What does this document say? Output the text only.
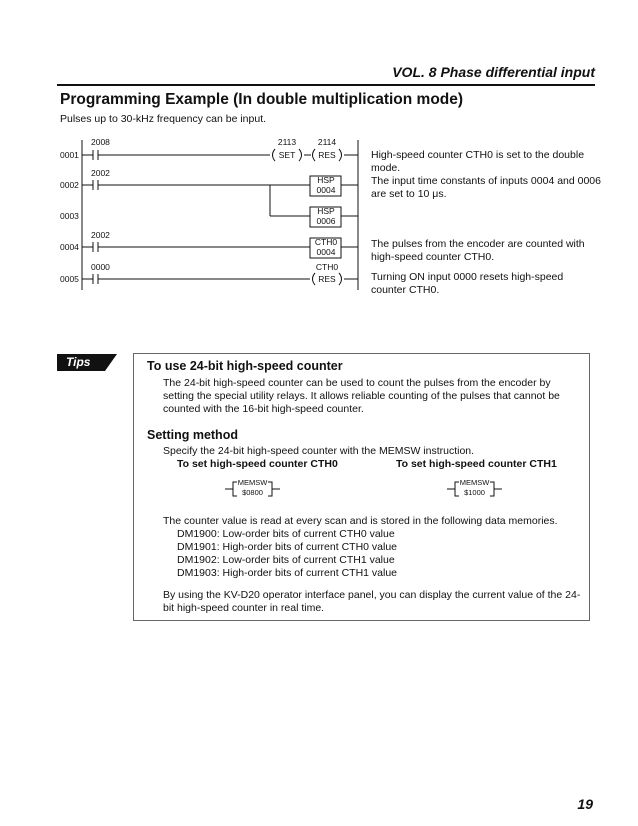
VOL. 8 Phase differential input
Programming Example (In double multiplication mode)
Pulses up to 30-kHz frequency can be input.
0001
0002
0003
0004
0005
2008
2002
2002
0000
2113
SET
2114
RES
HSP
0004
HSP
0006
CTH0
0004
CTH0
RES
High-speed counter CTH0 is set to the double mode.
The input time constants of inputs 0004 and 0006 are set to 10 μs.
The pulses from the encoder are counted with high-speed counter CTH0.
Turning ON input 0000 resets high-speed counter CTH0.
Tips	To use 24-bit high-speed counter
The 24-bit high-speed counter can be used to count the pulses from the encoder by setting the special utility relays. It allows reliable counting of the pulses that cannot be counted with the 16-bit high-speed counter.
Setting method
Specify the 24-bit high-speed counter with the MEMSW instruction.
To set high-speed counter CTH0	To set high-speed counter CTH1
MEMSW
$0800
MEMSW
$1000
The counter value is read at every scan and is stored in the following data memories.
DM1900: Low-order bits of current CTH0 value
DM1901: High-order bits of current CTH0 value
DM1902: Low-order bits of current CTH1 value
DM1903: High-order bits of current CTH1 value
By using the KV-D20 operator interface panel, you can display the current value of the 24-bit high-speed counter in real time.
19
